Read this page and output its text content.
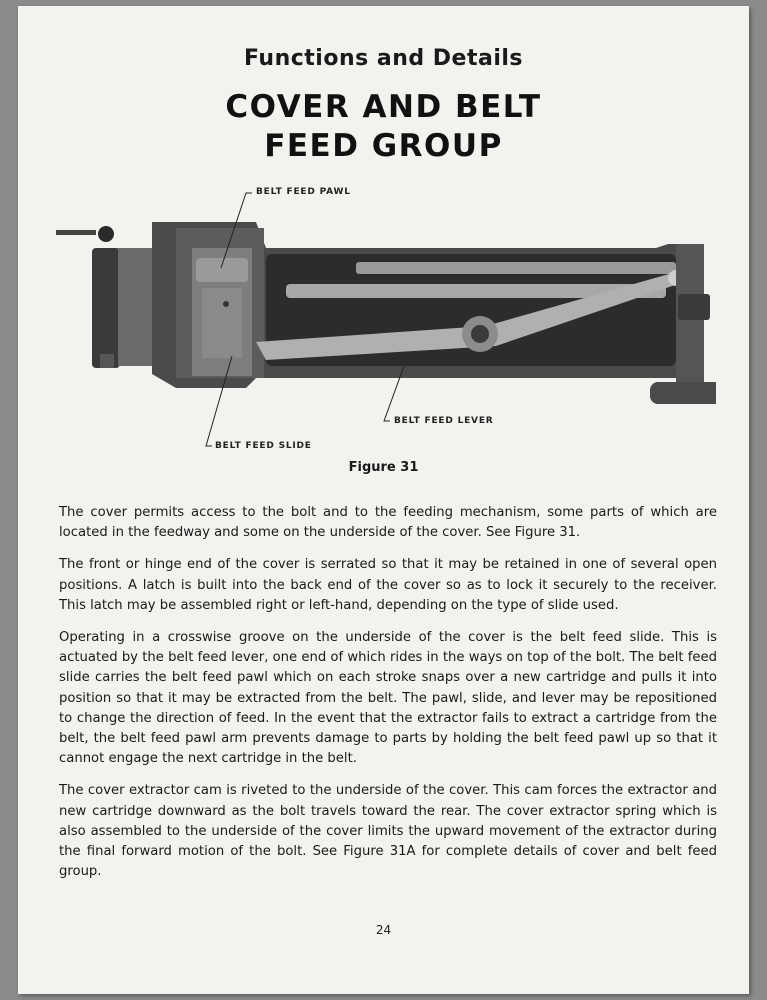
Functions and Details
COVER AND BELT
FEED GROUP
BELT FEED PAWL
BELT FEED LEVER
BELT FEED SLIDE
Figure 31

The cover permits access to the bolt and to the feeding mechanism, some parts of which are located in the feedway and some on the underside of the cover. See Figure 31.

The front or hinge end of the cover is serrated so that it may be retained in one of several open positions. A latch is built into the back end of the cover so as to lock it securely to the receiver. This latch may be assembled right or left-hand, depending on the type of slide used.

Operating in a crosswise groove on the underside of the cover is the belt feed slide. This is actuated by the belt feed lever, one end of which rides in the ways on top of the bolt. The belt feed slide carries the belt feed pawl which on each stroke snaps over a new cartridge and pulls it into position so that it may be extracted from the belt. The pawl, slide, and lever may be repositioned to change the direction of feed. In the event that the extractor fails to extract a cartridge from the belt, the belt feed pawl arm prevents damage to parts by holding the belt feed pawl up so that it cannot engage the next cartridge in the belt.

The cover extractor cam is riveted to the underside of the cover. This cam forces the extractor and new cartridge downward as the bolt travels toward the rear. The cover extractor spring which is also assembled to the underside of the cover limits the upward movement of the extractor during the final forward motion of the bolt. See Figure 31A for complete details of cover and belt feed group.

24
